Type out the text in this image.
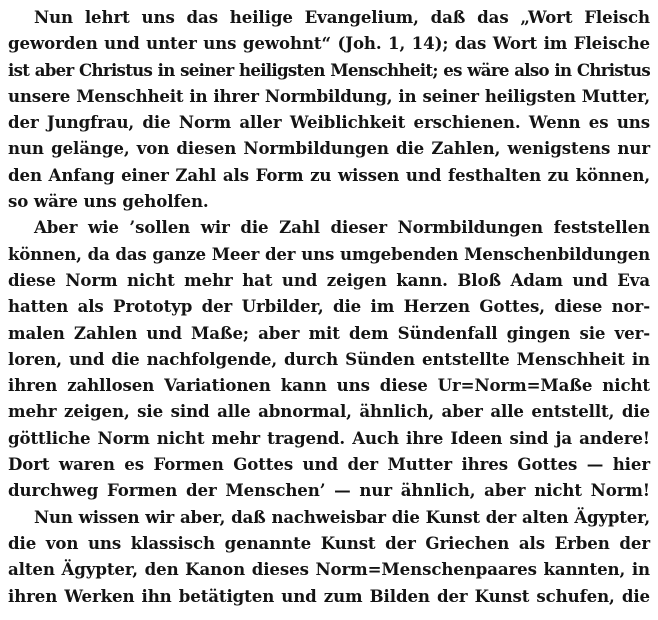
Nun lehrt uns das heilige Evangelium, daß das „Wort Fleisch
geworden und unter uns gewohnt“ (Joh. 1, 14); das Wort im Fleische
ist aber Christus in seiner heiligsten Menschheit; es wäre also in Christus
unsere Menschheit in ihrer Normbildung, in seiner heiligsten Mutter,
der Jungfrau, die Norm aller Weiblichkeit erschienen. Wenn es uns
nun gelänge, von diesen Normbildungen die Zahlen, wenigstens nur
den Anfang einer Zahl als Form zu wissen und festhalten zu können,
so wäre uns geholfen.
Aber wie ’sollen wir die Zahl dieser Normbildungen feststellen
können, da das ganze Meer der uns umgebenden Menschenbildungen
diese Norm nicht mehr hat und zeigen kann. Bloß Adam und Eva
hatten als Prototyp der Urbilder, die im Herzen Gottes, diese nor-
malen Zahlen und Maße; aber mit dem Sündenfall gingen sie ver-
loren, und die nachfolgende, durch Sünden entstellte Menschheit in
ihren zahllosen Variationen kann uns diese Ur=Norm=Maße nicht
mehr zeigen, sie sind alle abnormal, ähnlich, aber alle entstellt, die
göttliche Norm nicht mehr tragend. Auch ihre Ideen sind ja andere!
Dort waren es Formen Gottes und der Mutter ihres Gottes — hier
durchweg Formen der Menschen’ — nur ähnlich, aber nicht Norm!
Nun wissen wir aber, daß nachweisbar die Kunst der alten Ägypter,
die von uns klassisch genannte Kunst der Griechen als Erben der
alten Ägypter, den Kanon dieses Norm=Menschenpaares kannten, in
ihren Werken ihn betätigten und zum Bilden der Kunst schufen, die
